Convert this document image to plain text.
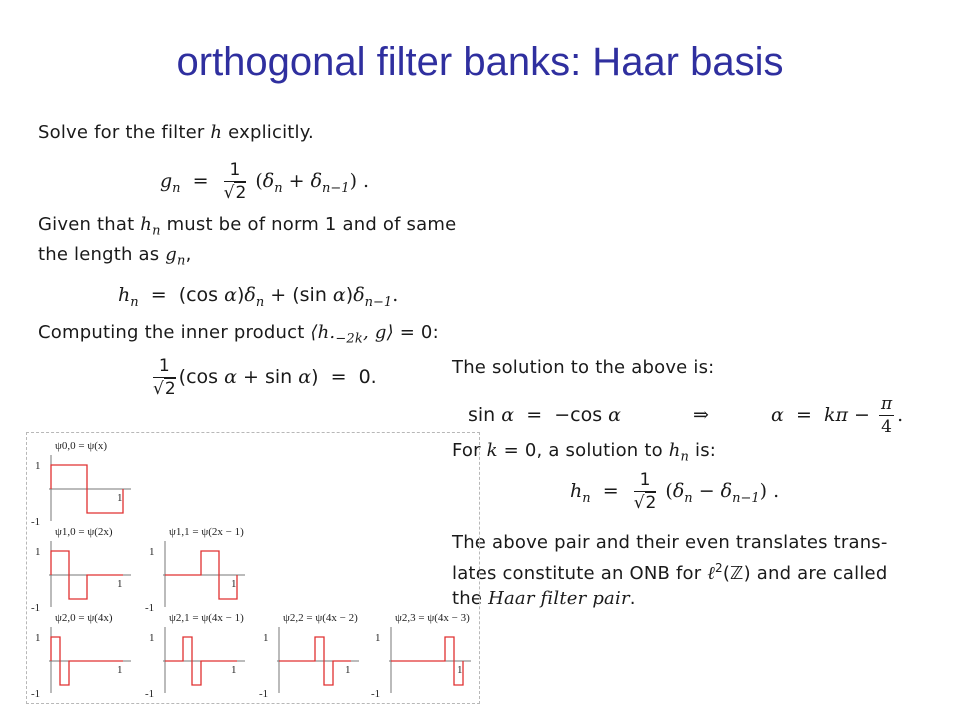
orthogonal filter banks: Haar basis
Solve for the filter h explicitly.
$g_n = \frac{1}{√2} (\delta_n + \delta_{n-1})$ .
Given that $h_n$ must be of norm 1 and of same
the length as $g_n$,
$h_n = (\cos$ $\alpha)\delta_n + (\sin$ $\alpha)\delta_{n-1}$.
Computing the inner product $⟨h._{-2k}$, g⟩ = 0:
$\frac{1}{√2} (\cos$ α + sin α)  =  0.	The solution to the above is:
sin α  =  −cos α	⇒	$\alpha = k\pi - \frac{\pi}{4}$ .
For k = 0, a solution to $h_n$ is:
$h_n = \frac{1}{√2} (\delta_n - \delta_{n-1})$ .
The above pair and their even translates trans-
lates constitute an ONB for ℓ$^2$(ℤ) and are called
the Haar filter pair.
ψ0,0 = ψ(x)
1
-1
1
ψ1,0 = ψ(2x)
1
-1
1
ψ1,1 = ψ(2x − 1)
1
-1
1
ψ2,0 = ψ(4x)
1
-1
1
ψ2,1 = ψ(4x − 1)
1
-1
1
ψ2,2 = ψ(4x − 2)
1
-1
1
ψ2,3 = ψ(4x − 3)
1
-1
1
